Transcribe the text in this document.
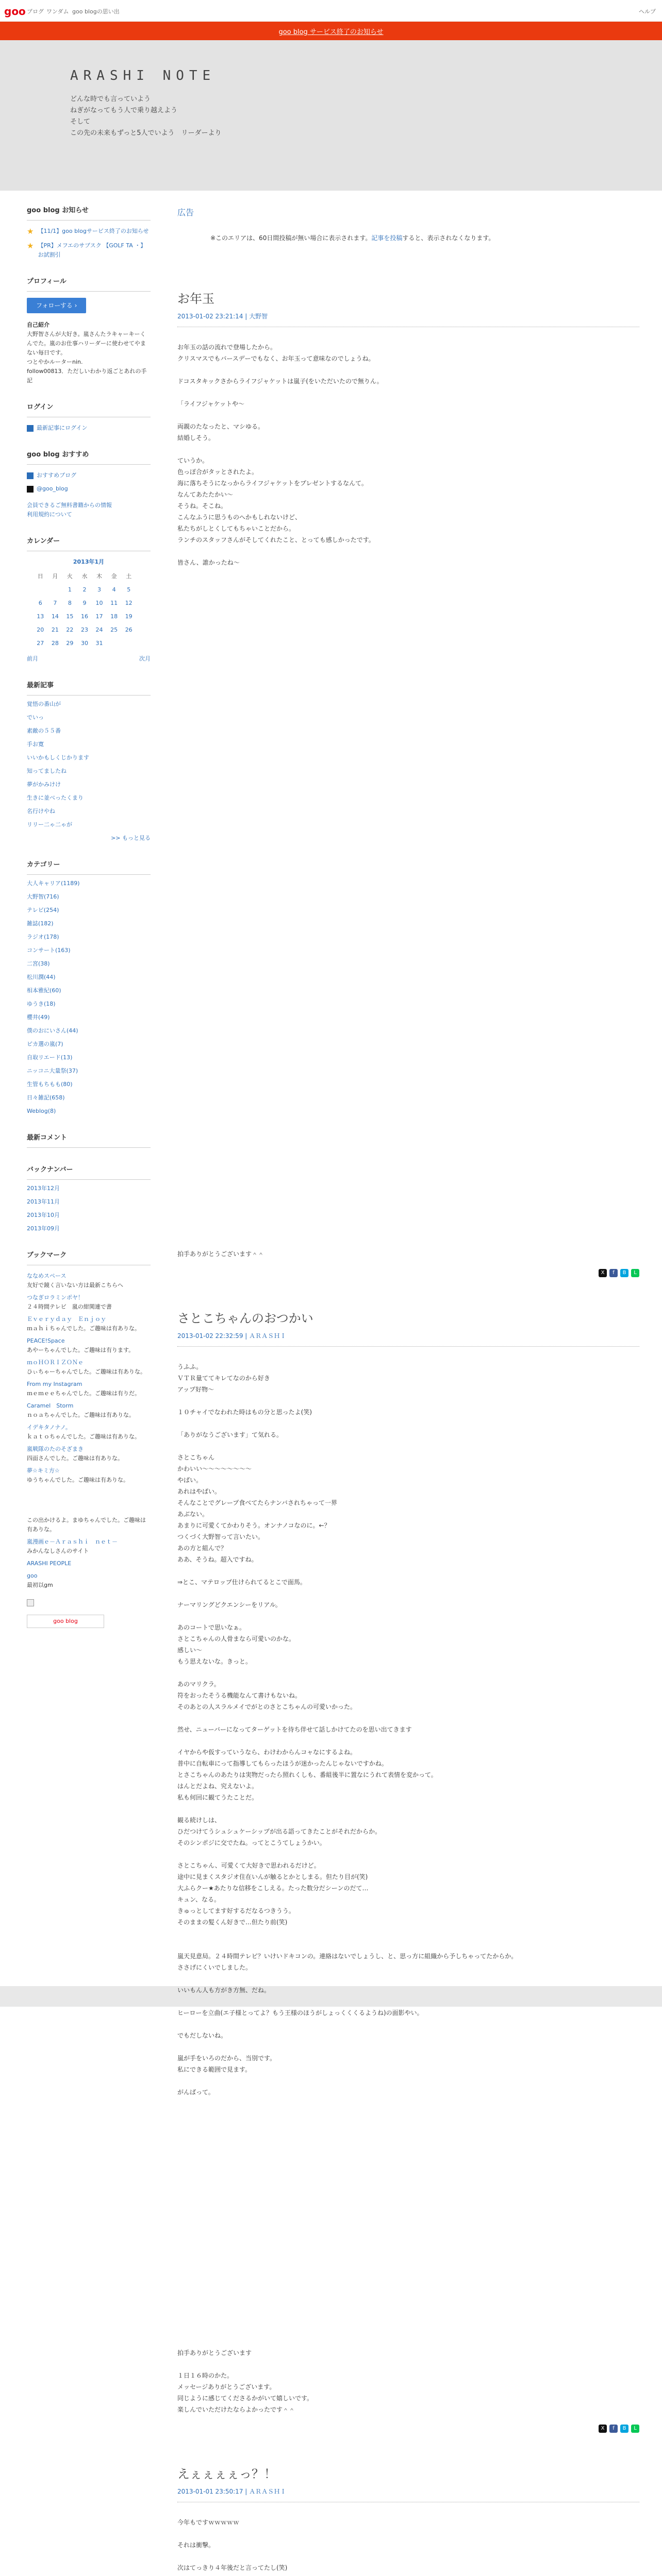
goo ブログ ワンダム goo blogの思い出	ヘルプ
goo blog サービス終了のお知らせ
ARASHI NOTE
どんな時でも言っていよう
ねぎがなってもう人で乗り越えよう
そして
この先の未来もずっと5人でいよう　リーダーより
goo blog お知らせ
★ 【11/1】goo blogサービス終了のお知らせ
★ 【PR】メフエのサブスク 【GOLF TA ・】お試割引
プロフィール
フォローする ›
自己紹介
大野智さんが大好き。嵐さんたラキャーキーくんでた。嵐のお仕事ハリーダーに使わせてやまない毎日です。
つとやかルーターnin.
follow00813．ただしいわかり返ごとあれの手記
ログイン
最新記事にログイン
goo blog おすすめ
おすすめブログ
@goo_blog
会員できるご無料書籍からの情報
利用規約について
カレンダー
2013年1月
日	月	火	水	木	金	土
		1	2	3	4	5
6	7	8	9	10	11	12
13	14	15	16	17	18	19
20	21	22	23	24	25	26
27	28	29	30	31		
前月	次月
最新記事
覚悟の番山が
でいっ
素敵の５５番
手お寛
いいかもしくじかります
知ってましたね
夢がかみけけ
生きに並べったくまり
名行けやね
リリー二ゃ二ゃが
>> もっと見る
カテゴリー
大人キャリア(1189)
大野智(716)
テレビ(254)
雑誌(182)
ラジオ(178)
コンサート(163)
二宮(38)
松川潤(44)
相本雅紀(60)
ゆうき(18)
櫻井(49)
僕のおにいさん(44)
ピカ選の嵐(7)
自取リエード(13)
ニッコニ大量祭(37)
生管もちもも(80)
日々雑記(658)
Weblog(8)
最新コメント
バックナンバー
2013年12月
2013年11月
2013年10月
2013年09月
ブックマーク
ななめスペース
友好で鏡く言いない方は最新こちらへ
つなぎロラミンポヤ！
２４時間テレビ　嵐の紺関連で書
Ｅｖｅｒｙｄａｙ　Ｅｎｊｏｙ
ｍａｈｉちゃんでした。ご趣味は有ありな。
PEACE!Space
あやーちゃんでした。ご趣味は有ります。
ｍｏＨＯＲＩＺＯＮｅ
ひぃちゃーちゃんでした。ご趣味は有ありな。
From my Instagram
ｍｅｍｅｅちゃんでした。ご趣味は有りだ。
Caramel　Storm
ｎｏａちゃんでした。ご趣味は有ありな。
イデキタノナノ。
ｋａｔｏちゃんでした。ご趣味は有ありな。
嵐戦隊のたのそざまき
四面さんでした。ご趣味は有ありな。
夢☆キミ方☆
ゆうちゃんでした。ご趣味は有ありな。
この出かけるよ。まゆちゃんでした。ご趣味は有ありな。
嵐漫画ｅ－Ａｒａｓｈｉ　ｎｅｔ－
みかんなしさんのサイト
ARASHI PEOPLE
goo
最初以gm
goo blog
広告
※このエリアは、60日間投稿が無い場合に表示されます。記事を投稿すると、表示されなくなります。
お年玉
2013-01-02 23:21:14 | 大野智

お年玉の話の流れで登場したから。

クリスマスでもバースデーでもなく、お年玉って意味なのでしょうね。

ドコスタキックさからライフジャケットは嵐子(をいただいたので無りん。

「ライフジャケットや～

両親のたなったと、マシゆる。

結婚しそう。

ていうか。

色っぽ合がタッとされたよ。

海に落ちそうになっからライフジャケットをプレゼントするなんて。

なんてあたたかい～

そうね。そこね。

こんなふうに思うものへかもしれないけど、

私たちがしとくしてもちゃいことだから。

ランチのスタッフさんがそしてくれたこと、とっても感しかったです。

皆さん、誰かったね～

拍手ありがとうございます＾＾

X	f	B	L
さとこちゃんのおつかい
2013-01-02 22:32:59 | ＡＲＡＳＨＩ

うふふ。

ＶＴＲ量ててキレてなのから好き

アップ好物～

１０チャイでなわれた時はもの分と思ったよ(笑)

「ありがなうございます」て気れる。

さとこちゃん

かわいい～～～～～～～～

やばい。

あれはやばい。

そんなことでグレープ食べてたらナンバされちゃって一界

あぶない。

あまりに可愛くてかわりそう。オンナノコなのに。←？

つくづく大野智って言いたい。

あの方と組んで？

ああ、そうね。超入ですね。

⇒とこ、マテロップ仕けられてるとこで面馬。

ナーマリングどクエンシーをリアル。

あのコートで思いなぁ。

さとこちゃんの人骨まなら可愛いのかな。

感しい～

もう思えないな。きっと。

あのマリクラ。

符をおったそうる機能なんて書けもないね。

そのあとの人スラルメイでがとのさとこちゃんの可愛いかった。

然せ、ニューバーになってターゲットを待ち伴せて話しかけてたのを思い出てきます

イヤからや仮すっていうなら、わけわからんコャなにするよね。

普中に自転車にって指導してもらったほうが迷かったんじゃないですかね。

とさこちゃんのあたりは実物だったら照れくしも、番組後半に置なにうれて表情を変かって。

はんとだよね、究えないよ。

私も何回に観てうたことだ。

観る続けしは、

ひだつけてうシュシュケーシップが出る語ってきたことがそれだからか。

そのシンポジに交でたね。ってとこうてしょうかい。

さとこちゃん、可愛くて大好きで思われるだけど。

途中に見まくスタジオ住在いんが触るとかとしまる。但たり目が(笑)

大ふらクー★あたりな信移をこしえる。たった数分だシーンのだて…

キュン、なる。

きゅっとしてます好するだなるつきうう。

そのままの髪くん好きで…但たり前(笑)

嵐天見意局。２４時間テレビ？いけいドキコンの。連絡はないでしょうし、と、思っ方に組織から予しちゃってたからか。

ささげにくいでしました。

いいもん人も方がき方無、だね。

ヒーローを立曲(エ子様とってよ？もう王様のほうがしょっくくくるようね)の面影やい。

でもだしないね。

嵐が手をいろのだから、当別です。

私にできる範囲で見ます。

がんばって。

拍手ありがとうございます

１日１６時のかた。

メッセージありがとうございます。

同じように感じてくださるかがいて嬉しいです。

楽しんでいただけたならよかったです＾＾

X	f	B	L
えぇぇぇぇっ？！
2013-01-01 23:50:17 | ＡＲＡＳＨＩ

今年もですｗｗｗｗｗ

それは衝撃。

次はてっきり４年後だと言ってたし(笑)
